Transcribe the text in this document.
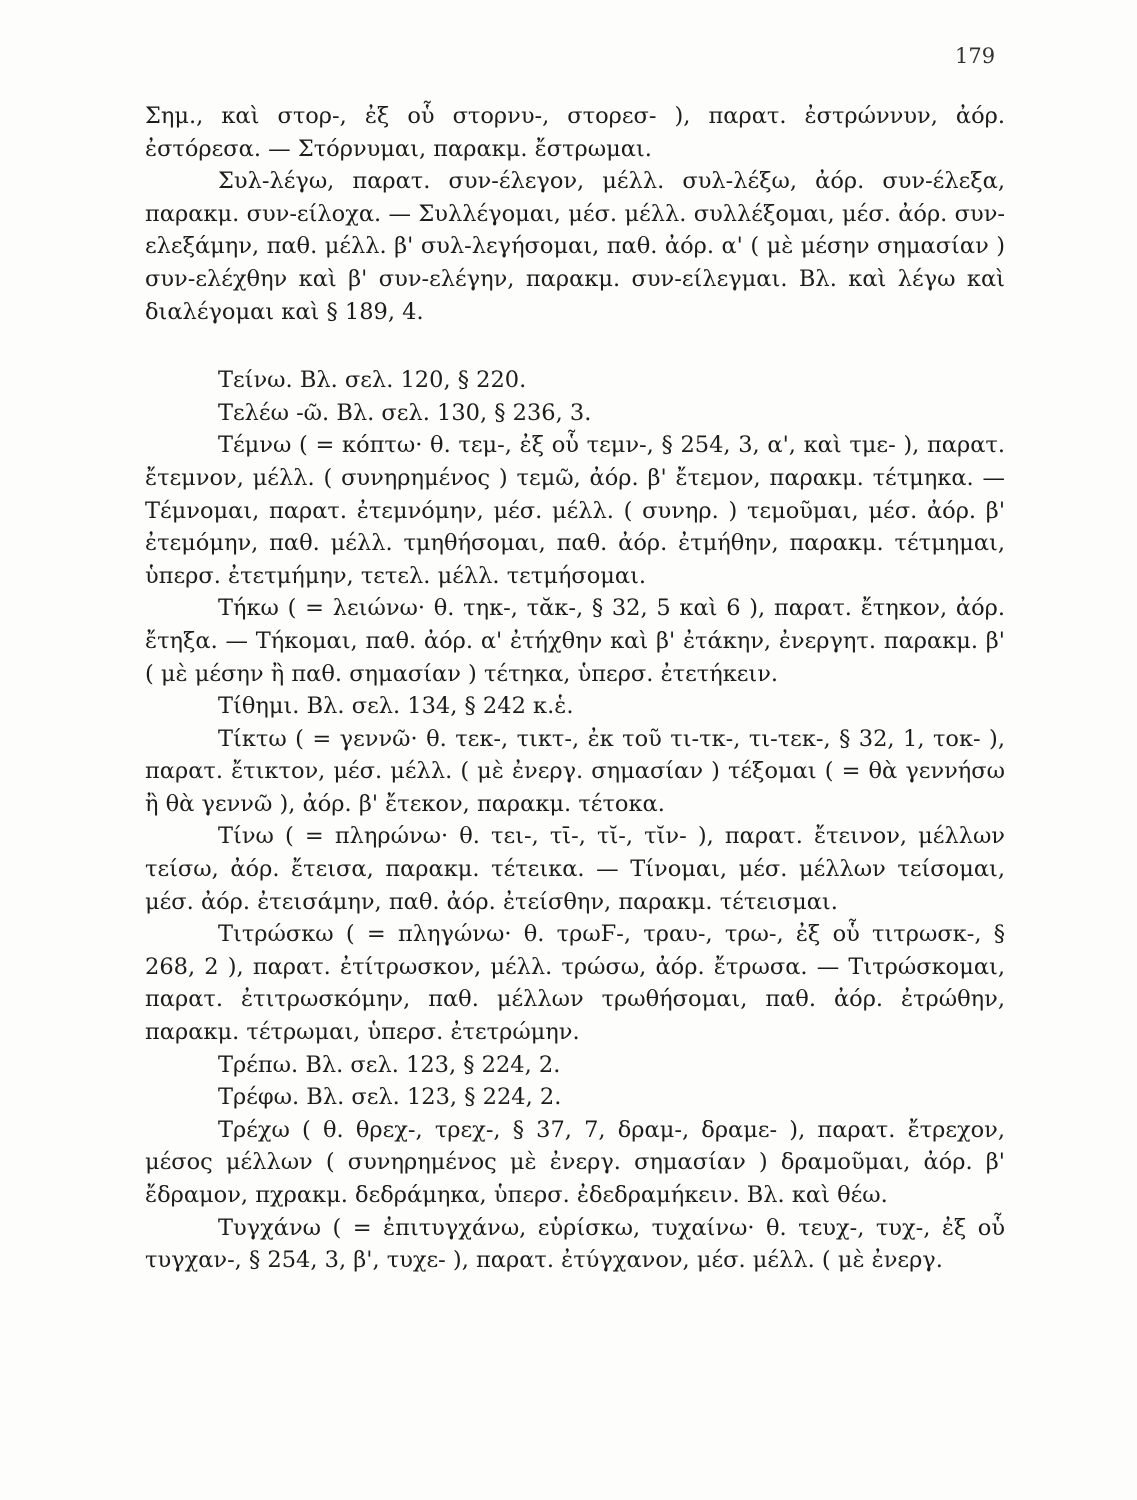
179

Σημ., καὶ στορ-, ἐξ οὗ στορνυ-, στορεσ- ), παρατ. ἐστρώννυν, ἀόρ. ἐστόρεσα. — Στόρνυμαι, παρακμ. ἔστρωμαι.

Συλ-λέγω, παρατ. συν-έλεγον, μέλλ. συλ-λέξω, ἀόρ. συν-έλεξα, παρακμ. συν-είλοχα. — Συλλέγομαι, μέσ. μέλλ. συλλέξομαι, μέσ. ἀόρ. συν-ελεξάμην, παθ. μέλλ. β' συλ-λεγήσομαι, παθ. ἀόρ. α' ( μὲ μέσην σημασίαν ) συν-ελέχθην καὶ β' συν-ελέγην, παρακμ. συν-είλεγμαι. Βλ. καὶ λέγω καὶ διαλέγομαι καὶ § 189, 4.

Τείνω. Βλ. σελ. 120, § 220.

Τελέω -ῶ. Βλ. σελ. 130, § 236, 3.

Τέμνω ( = κόπτω· θ. τεμ-, ἐξ οὗ τεμν-, § 254, 3, α', καὶ τμε- ), παρατ. ἔτεμνον, μέλλ. ( συνηρημένος ) τεμῶ, ἀόρ. β' ἔτεμον, παρακμ. τέτμηκα. — Τέμνομαι, παρατ. ἐτεμνόμην, μέσ. μέλλ. ( συνηρ. ) τεμοῦμαι, μέσ. ἀόρ. β' ἐτεμόμην, παθ. μέλλ. τμηθήσομαι, παθ. ἀόρ. ἐτμήθην, παρακμ. τέτμημαι, ὑπερσ. ἐτετμήμην, τετελ. μέλλ. τετμήσομαι.

Τήκω ( = λειώνω· θ. τηκ-, τᾰκ-, § 32, 5 καὶ 6 ), παρατ. ἔτηκον, ἀόρ. ἔτηξα. — Τήκομαι, παθ. ἀόρ. α' ἐτήχθην καὶ β' ἐτάκην, ἐνεργητ. παρακμ. β' ( μὲ μέσην ἢ παθ. σημασίαν ) τέτηκα, ὑπερσ. ἐτετήκειν.

Τίθημι. Βλ. σελ. 134, § 242 κ.ἑ.

Τίκτω ( = γεννῶ· θ. τεκ-, τικτ-, ἐκ τοῦ τι-τκ-, τι-τεκ-, § 32, 1, τοκ- ), παρατ. ἔτικτον, μέσ. μέλλ. ( μὲ ἐνεργ. σημασίαν ) τέξομαι ( = θὰ γεννήσω ἢ θὰ γεννῶ ), ἀόρ. β' ἔτεκον, παρακμ. τέτοκα.

Τίνω ( = πληρώνω· θ. τει-, τῑ-, τῐ-, τῐν- ), παρατ. ἔτεινον, μέλλων τείσω, ἀόρ. ἔτεισα, παρακμ. τέτεικα. — Τίνομαι, μέσ. μέλλων τείσομαι, μέσ. ἀόρ. ἐτεισάμην, παθ. ἀόρ. ἐτείσθην, παρακμ. τέτεισμαι.

Τιτρώσκω ( = πληγώνω· θ. τρωϜ-, τραυ-, τρω-, ἐξ οὗ τιτρωσκ-, § 268, 2 ), παρατ. ἐτίτρωσκον, μέλλ. τρώσω, ἀόρ. ἔτρωσα. — Τιτρώσκομαι, παρατ. ἐτιτρωσκόμην, παθ. μέλλων τρωθήσομαι, παθ. ἀόρ. ἐτρώθην, παρακμ. τέτρωμαι, ὑπερσ. ἐτετρώμην.

Τρέπω. Βλ. σελ. 123, § 224, 2.

Τρέφω. Βλ. σελ. 123, § 224, 2.

Τρέχω ( θ. θρεχ-, τρεχ-, § 37, 7, δραμ-, δραμε- ), παρατ. ἔτρεχον, μέσος μέλλων ( συνηρημένος μὲ ἐνεργ. σημασίαν ) δραμοῦμαι, ἀόρ. β' ἔδραμον, πχρακμ. δεδράμηκα, ὑπερσ. ἐδεδραμήκειν. Βλ. καὶ θέω.

Τυγχάνω ( = ἐπιτυγχάνω, εὑρίσκω, τυχαίνω· θ. τευχ-, τυχ-, ἐξ οὗ τυγχαν-, § 254, 3, β', τυχε- ), παρατ. ἐτύγχανον, μέσ. μέλλ. ( μὲ ἐνεργ.
